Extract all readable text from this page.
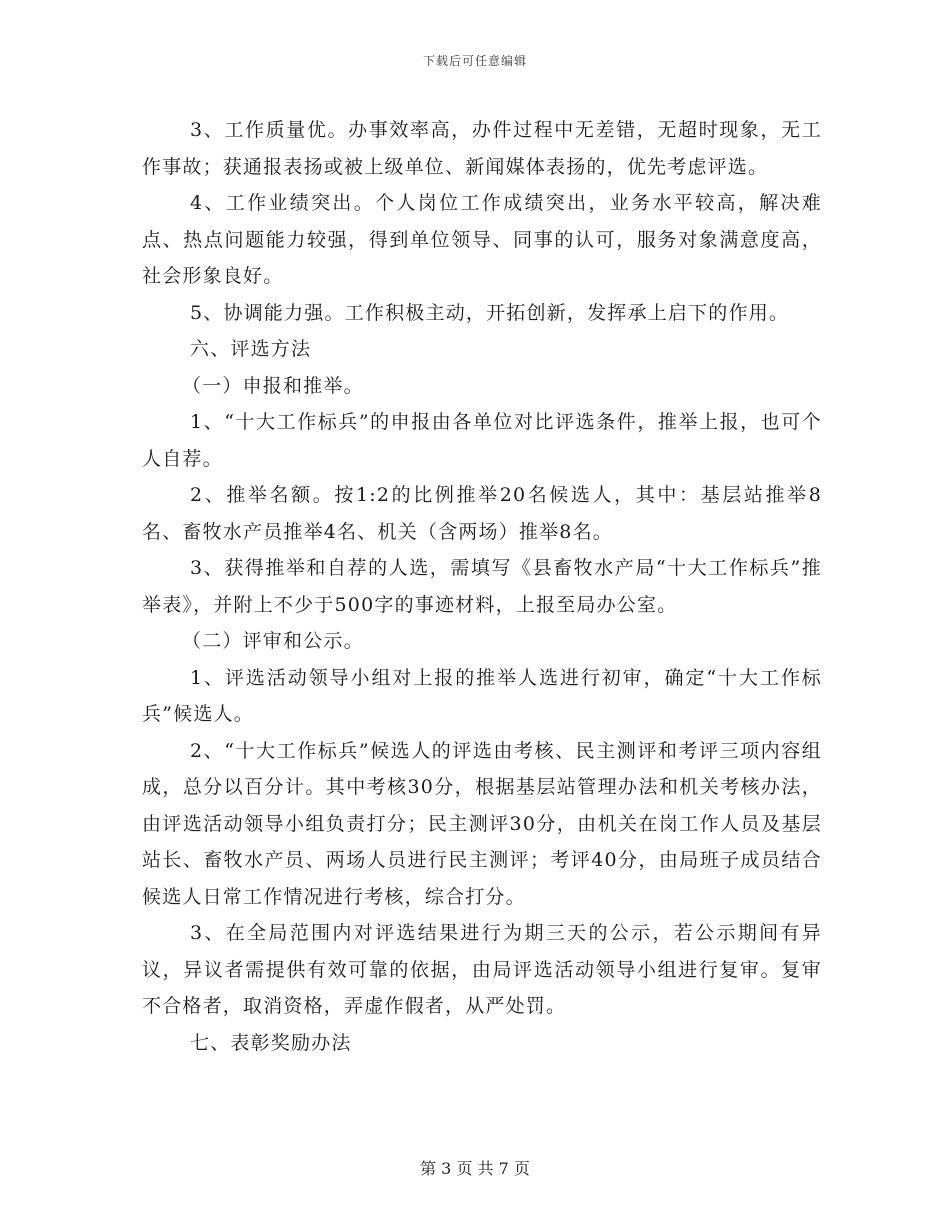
下载后可任意编辑

3、工作质量优。办事效率高，办件过程中无差错，无超时现象，无工作事故；获通报表扬或被上级单位、新闻媒体表扬的，优先考虑评选。

4、工作业绩突出。个人岗位工作成绩突出，业务水平较高，解决难点、热点问题能力较强，得到单位领导、同事的认可，服务对象满意度高，社会形象良好。

5、协调能力强。工作积极主动，开拓创新，发挥承上启下的作用。

六、评选方法

（一）申报和推举。

1、“十大工作标兵”的申报由各单位对比评选条件，推举上报，也可个人自荐。

2、推举名额。按1:2的比例推举20名候选人，其中：基层站推举8名、畜牧水产员推举4名、机关（含两场）推举8名。

3、获得推举和自荐的人选，需填写《县畜牧水产局“十大工作标兵”推举表》，并附上不少于500字的事迹材料，上报至局办公室。

（二）评审和公示。

1、评选活动领导小组对上报的推举人选进行初审，确定“十大工作标兵”候选人。

2、“十大工作标兵”候选人的评选由考核、民主测评和考评三项内容组成，总分以百分计。其中考核30分，根据基层站管理办法和机关考核办法，由评选活动领导小组负责打分；民主测评30分，由机关在岗工作人员及基层站长、畜牧水产员、两场人员进行民主测评；考评40分，由局班子成员结合候选人日常工作情况进行考核，综合打分。

3、在全局范围内对评选结果进行为期三天的公示，若公示期间有异议，异议者需提供有效可靠的依据，由局评选活动领导小组进行复审。复审不合格者，取消资格，弄虚作假者，从严处罚。

七、表彰奖励办法

第 3 页 共 7 页
